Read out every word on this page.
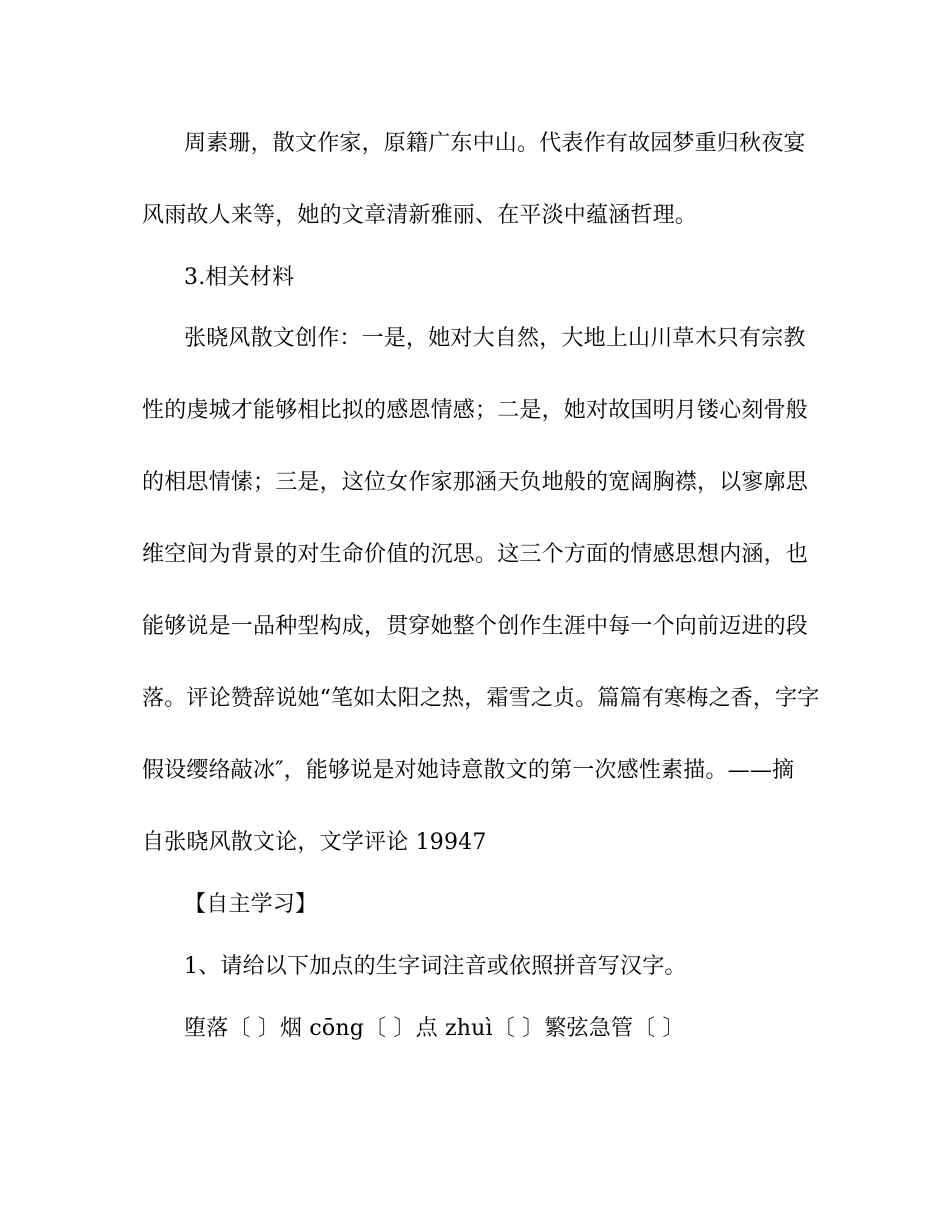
周素珊，散文作家，原籍广东中山。代表作有故园梦重归秋夜宴
风雨故人来等，她的文章清新雅丽、在平淡中蕴涵哲理。
3.相关材料
张晓风散文创作：一是，她对大自然，大地上山川草木只有宗教
性的虔城才能够相比拟的感恩情感；二是，她对故国明月镂心刻骨般
的相思情愫；三是，这位女作家那涵天负地般的宽阔胸襟，以寥廓思
维空间为背景的对生命价值的沉思。这三个方面的情感思想内涵，也
能够说是一品种型构成，贯穿她整个创作生涯中每一个向前迈进的段
落。评论赞辞说她“笔如太阳之热，霜雪之贞。篇篇有寒梅之香，字字
假设缨络敲冰″，能够说是对她诗意散文的第一次感性素描。——摘
自张晓风散文论，文学评论 19947
【自主学习】
1、请给以下加点的生字词注音或依照拼音写汉字。
堕落〔 〕烟 cōng〔 〕点 zhuì〔 〕繁弦急管〔 〕
